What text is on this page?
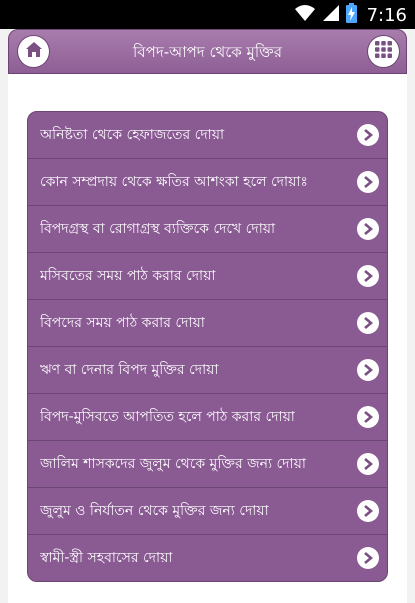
7:16
বিপদ-আপদ থেকে মুক্তির
অনিষ্টতা থেকে হেফাজতের দোয়া
কোন সম্প্রদায় থেকে ক্ষতির আশংকা হলে দোয়াঃ
বিপদগ্রস্থ বা রোগাগ্রস্থ ব্যক্তিকে দেখে দোয়া
মসিবতের সময় পাঠ করার দোয়া
বিপদের সময় পাঠ করার দোয়া
ঋণ বা দেনার বিপদ মুক্তির দোয়া
বিপদ-মুসিবতে আপতিত হলে পাঠ করার দোয়া
জালিম শাসকদের জুলুম থেকে মুক্তির জন্য দোয়া
জুলুম ও নির্যাতন থেকে মুক্তির জন্য দোয়া
স্বামী-স্ত্রী সহবাসের দোয়া
